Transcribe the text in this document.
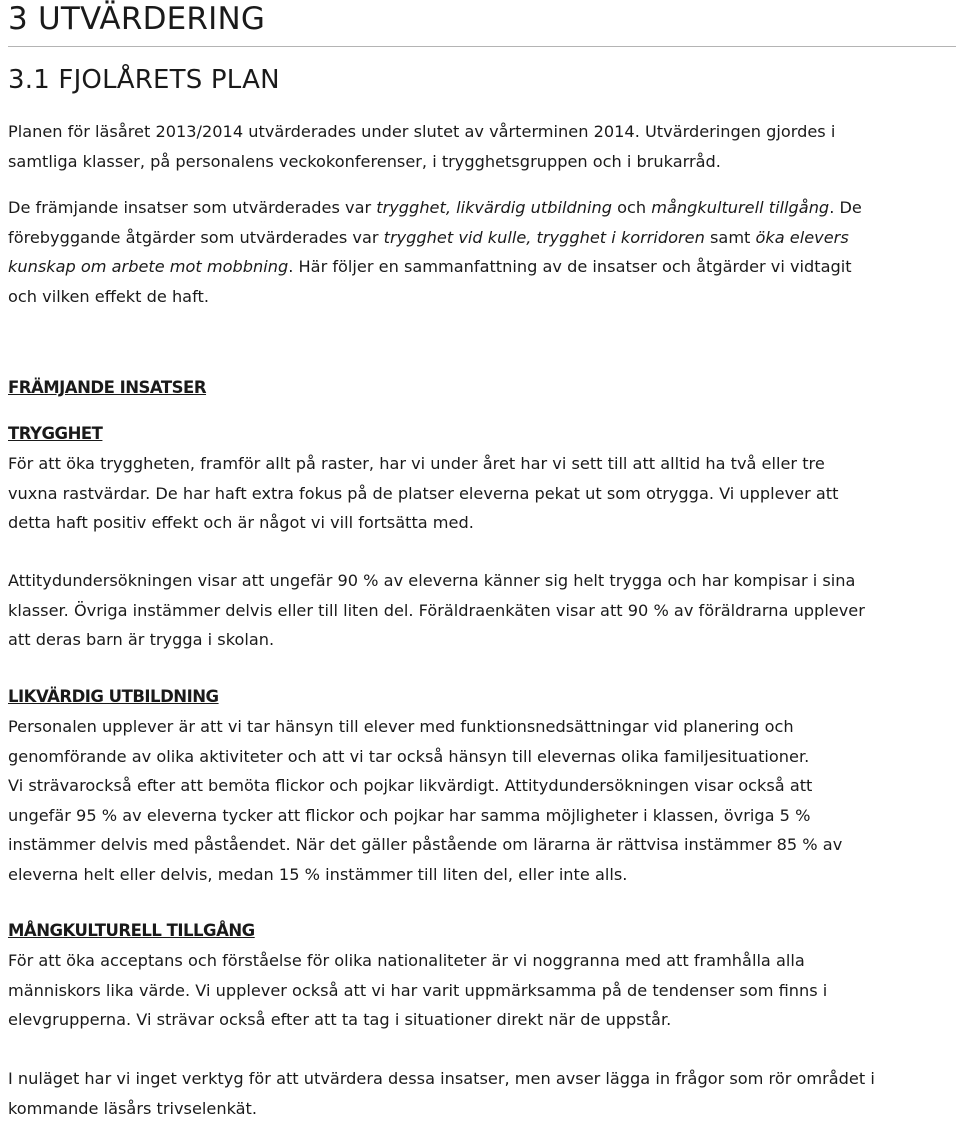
3 UTVÄRDERING
3.1 FJOLÅRETS PLAN
Planen för läsåret 2013/2014 utvärderades under slutet av vårterminen 2014. Utvärderingen gjordes i
samtliga klasser, på personalens veckokonferenser, i trygghetsgruppen och i brukarråd.
De främjande insatser som utvärderades var trygghet, likvärdig utbildning och mångkulturell tillgång. De
förebyggande åtgärder som utvärderades var trygghet vid kulle, trygghet i korridoren samt öka elevers
kunskap om arbete mot mobbning. Här följer en sammanfattning av de insatser och åtgärder vi vidtagit
och vilken effekt de haft.
FRÄMJANDE INSATSER
TRYGGHET
För att öka tryggheten, framför allt på raster, har vi under året har vi sett till att alltid ha två eller tre
vuxna rastvärdar. De har haft extra fokus på de platser eleverna pekat ut som otrygga. Vi upplever att
detta haft positiv effekt och är något vi vill fortsätta med.
Attitydundersökningen visar att ungefär 90 % av eleverna känner sig helt trygga och har kompisar i sina
klasser. Övriga instämmer delvis eller till liten del. Föräldraenkäten visar att 90 % av föräldrarna upplever
att deras barn är trygga i skolan.
LIKVÄRDIG UTBILDNING
Personalen upplever är att vi tar hänsyn till elever med funktionsnedsättningar vid planering och
genomförande av olika aktiviteter och att vi tar också hänsyn till elevernas olika familjesituationer.
Vi strävarockså efter att bemöta flickor och pojkar likvärdigt. Attitydundersökningen visar också att
ungefär 95 % av eleverna tycker att flickor och pojkar har samma möjligheter i klassen, övriga 5 %
instämmer delvis med påståendet. När det gäller påstående om lärarna är rättvisa instämmer 85 % av
eleverna helt eller delvis, medan 15 % instämmer till liten del, eller inte alls.
MÅNGKULTURELL TILLGÅNG
För att öka acceptans och förståelse för olika nationaliteter är vi noggranna med att framhålla alla
människors lika värde. Vi upplever också att vi har varit uppmärksamma på de tendenser som finns i
elevgrupperna. Vi strävar också efter att ta tag i situationer direkt när de uppstår.
I nuläget har vi inget verktyg för att utvärdera dessa insatser, men avser lägga in frågor som rör området i
kommande läsårs trivselenkät.
